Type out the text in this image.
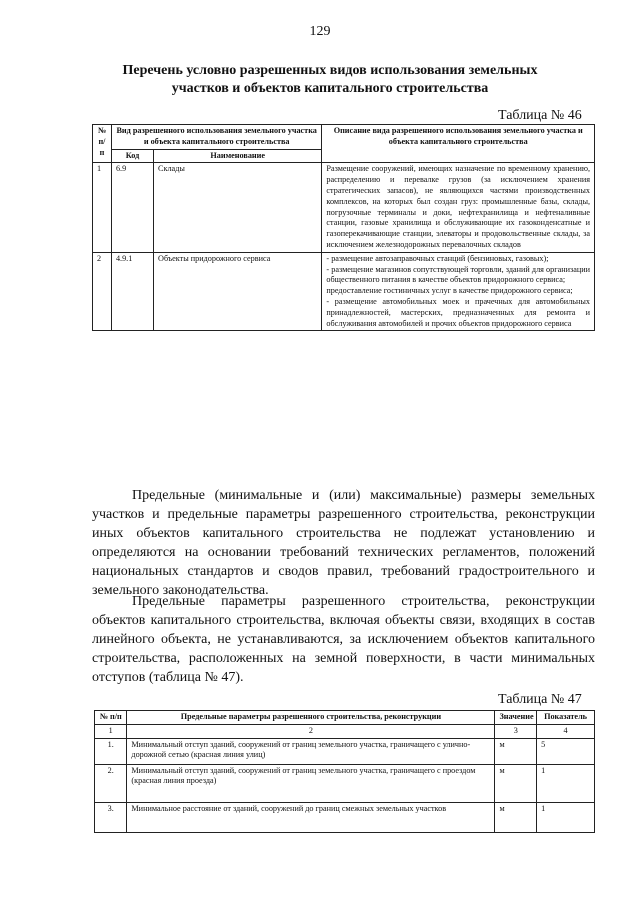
129
Перечень условно разрешенных видов использования земельных
участков и объектов капитального строительства
Таблица № 46
№ п/п	Вид разрешенного использования земельного участка и объекта капитального строительства		Описание вида разрешенного использования земельного участка и объекта капитального строительства
	Код	Наименование	
1	6.9	Склады	Размещение сооружений, имеющих назначение по временному хранению, распределению и перевалке грузов (за исключением хранения стратегических запасов), не являющихся частями производственных комплексов, на которых был создан груз: промышленные базы, склады, погрузочные терминалы и доки, нефтехранилища и нефтеналивные станции, газовые хранилища и обслуживающие их газоконденсатные и газоперекачивающие станции, элеваторы и продовольственные склады, за исключением железнодорожных перевалочных складов
2	4.9.1	Объекты придорожного сервиса	- размещение автозаправочных станций (бензиновых, газовых);
- размещение магазинов сопутствующей торговли, зданий для организации общественного питания в качестве объектов придорожного сервиса;
предоставление гостиничных услуг в качестве придорожного сервиса;
- размещение автомобильных моек и прачечных для автомобильных принадлежностей, мастерских, предназначенных для ремонта и обслуживания автомобилей и прочих объектов придорожного сервиса
Предельные (минимальные и (или) максимальные) размеры земельных участков и предельные параметры разрешенного строительства, реконструкции иных объектов капитального строительства не подлежат установлению и определяются на основании требований технических регламентов, положений национальных стандартов и сводов правил, требований градостроительного и земельного законодательства.
Предельные параметры разрешенного строительства, реконструкции объектов капитального строительства, включая объекты связи, входящих в состав линейного объекта, не устанавливаются, за исключением объектов капитального строительства, расположенных на земной поверхности, в части минимальных отступов (таблица № 47).
Таблица № 47
№ п/п	Предельные параметры разрешенного строительства, реконструкции	Значение	Показатель
1	2	3	4
1.	Минимальный отступ зданий, сооружений от границ земельного участка, граничащего с улично-дорожной сетью (красная линия улиц)	м	5
2.	Минимальный отступ зданий, сооружений от границ земельного участка, граничащего с проездом (красная линия проезда)	м	1
3.	Минимальное расстояние от зданий, сооружений до границ смежных земельных участков	м	1
